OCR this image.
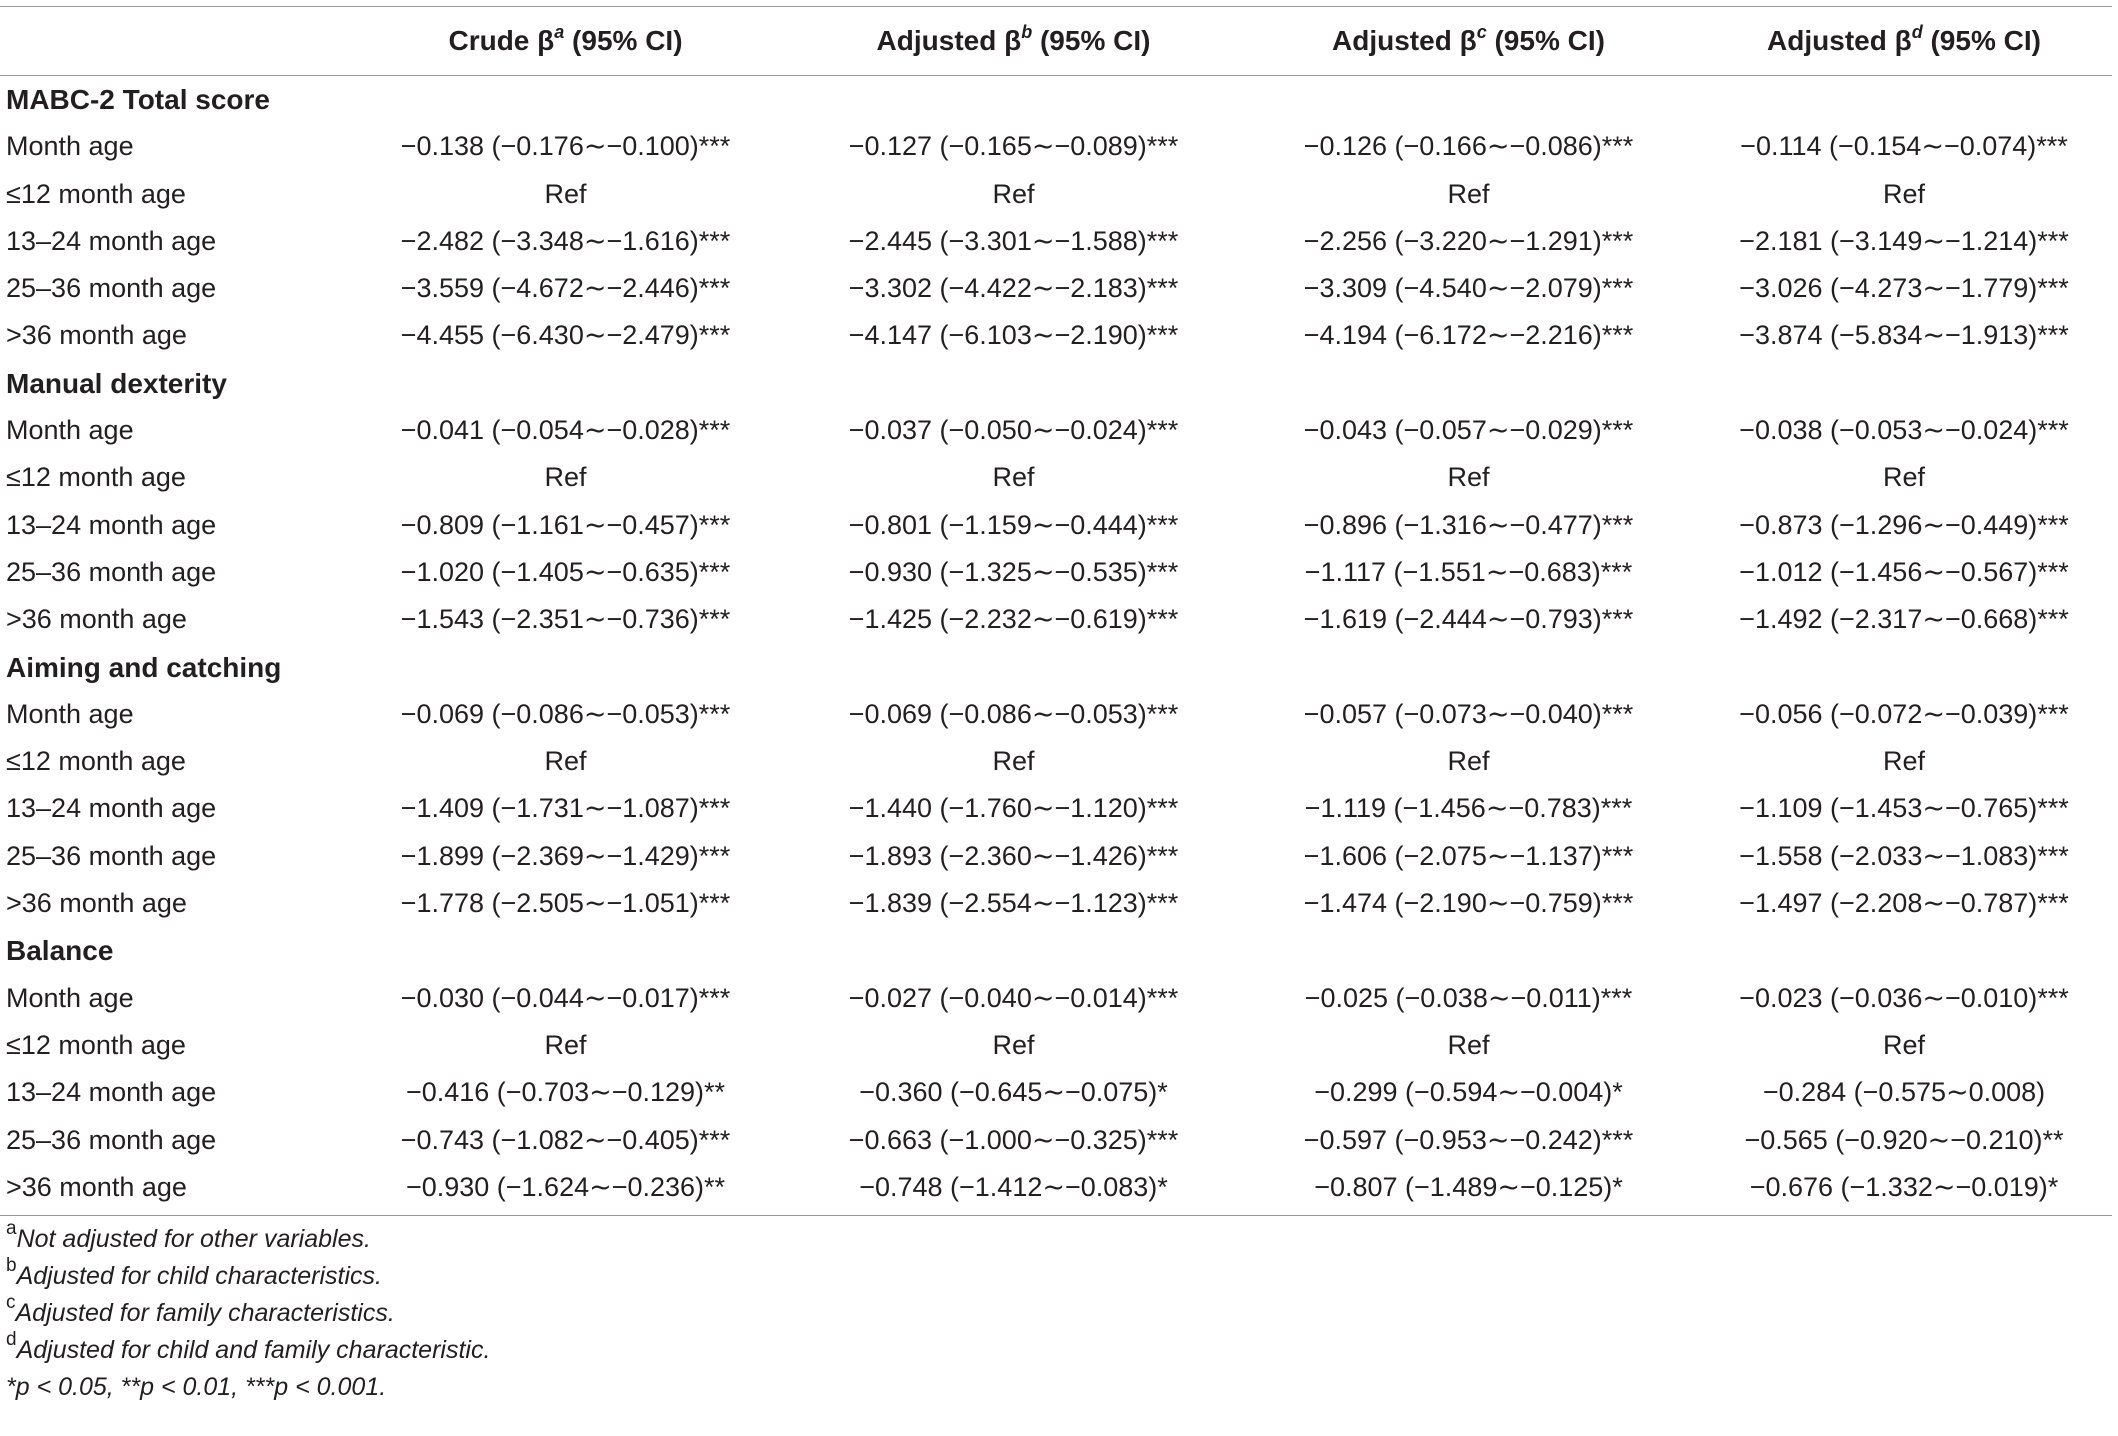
	Crude $\beta^a$ (95% CI)	Adjusted $\beta^b$ (95% CI)	Adjusted $\beta^c$ (95% CI)	Adjusted $\beta^d$ (95% CI)
MABC-2 Total score				
Month age	−0.138 (−0.176∼−0.100)***	−0.127 (−0.165∼−0.089)***	−0.126 (−0.166∼−0.086)***	−0.114 (−0.154∼−0.074)***
≤12 month age	Ref	Ref	Ref	Ref
13–24 month age	−2.482 (−3.348∼−1.616)***	−2.445 (−3.301∼−1.588)***	−2.256 (−3.220∼−1.291)***	−2.181 (−3.149∼−1.214)***
25–36 month age	−3.559 (−4.672∼−2.446)***	−3.302 (−4.422∼−2.183)***	−3.309 (−4.540∼−2.079)***	−3.026 (−4.273∼−1.779)***
>36 month age	−4.455 (−6.430∼−2.479)***	−4.147 (−6.103∼−2.190)***	−4.194 (−6.172∼−2.216)***	−3.874 (−5.834∼−1.913)***
Manual dexterity				
Month age	−0.041 (−0.054∼−0.028)***	−0.037 (−0.050∼−0.024)***	−0.043 (−0.057∼−0.029)***	−0.038 (−0.053∼−0.024)***
≤12 month age	Ref	Ref	Ref	Ref
13–24 month age	−0.809 (−1.161∼−0.457)***	−0.801 (−1.159∼−0.444)***	−0.896 (−1.316∼−0.477)***	−0.873 (−1.296∼−0.449)***
25–36 month age	−1.020 (−1.405∼−0.635)***	−0.930 (−1.325∼−0.535)***	−1.117 (−1.551∼−0.683)***	−1.012 (−1.456∼−0.567)***
>36 month age	−1.543 (−2.351∼−0.736)***	−1.425 (−2.232∼−0.619)***	−1.619 (−2.444∼−0.793)***	−1.492 (−2.317∼−0.668)***
Aiming and catching				
Month age	−0.069 (−0.086∼−0.053)***	−0.069 (−0.086∼−0.053)***	−0.057 (−0.073∼−0.040)***	−0.056 (−0.072∼−0.039)***
≤12 month age	Ref	Ref	Ref	Ref
13–24 month age	−1.409 (−1.731∼−1.087)***	−1.440 (−1.760∼−1.120)***	−1.119 (−1.456∼−0.783)***	−1.109 (−1.453∼−0.765)***
25–36 month age	−1.899 (−2.369∼−1.429)***	−1.893 (−2.360∼−1.426)***	−1.606 (−2.075∼−1.137)***	−1.558 (−2.033∼−1.083)***
>36 month age	−1.778 (−2.505∼−1.051)***	−1.839 (−2.554∼−1.123)***	−1.474 (−2.190∼−0.759)***	−1.497 (−2.208∼−0.787)***
Balance				
Month age	−0.030 (−0.044∼−0.017)***	−0.027 (−0.040∼−0.014)***	−0.025 (−0.038∼−0.011)***	−0.023 (−0.036∼−0.010)***
≤12 month age	Ref	Ref	Ref	Ref
13–24 month age	−0.416 (−0.703∼−0.129)**	−0.360 (−0.645∼−0.075)*	−0.299 (−0.594∼−0.004)*	−0.284 (−0.575∼0.008)
25–36 month age	−0.743 (−1.082∼−0.405)***	−0.663 (−1.000∼−0.325)***	−0.597 (−0.953∼−0.242)***	−0.565 (−0.920∼−0.210)**
>36 month age	−0.930 (−1.624∼−0.236)**	−0.748 (−1.412∼−0.083)*	−0.807 (−1.489∼−0.125)*	−0.676 (−1.332∼−0.019)*
$^a$Not adjusted for other variables.
$^b$Adjusted for child characteristics.
$^c$Adjusted for family characteristics.
$^d$Adjusted for child and family characteristic.
*p < 0.05, **p < 0.01, ***p < 0.001.
